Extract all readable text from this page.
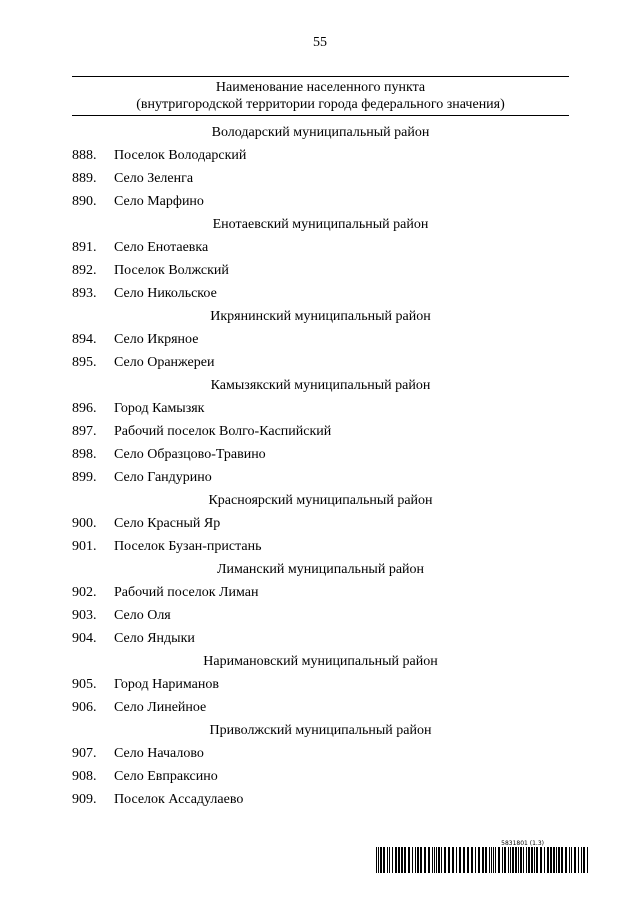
55
Наименование населенного пункта
(внутригородской территории города федерального значения)
Володарский муниципальный район
888.	Поселок Володарский
889.	Село Зеленга
890.	Село Марфино
Енотаевский муниципальный район
891.	Село Енотаевка
892.	Поселок Волжский
893.	Село Никольское
Икрянинский муниципальный район
894.	Село Икряное
895.	Село Оранжереи
Камызякский муниципальный район
896.	Город Камызяк
897.	Рабочий поселок Волго-Каспийский
898.	Село Образцово-Травино
899.	Село Гандурино
Красноярский муниципальный район
900.	Село Красный Яр
901.	Поселок Бузан-пристань
Лиманский муниципальный район
902.	Рабочий поселок Лиман
903.	Село Оля
904.	Село Яндыки
Наримановский муниципальный район
905.	Город Нариманов
906.	Село Линейное
Приволжский муниципальный район
907.	Село Началово
908.	Село Евпраксино
909.	Поселок Ассадулаево
5831801 (1.3)
